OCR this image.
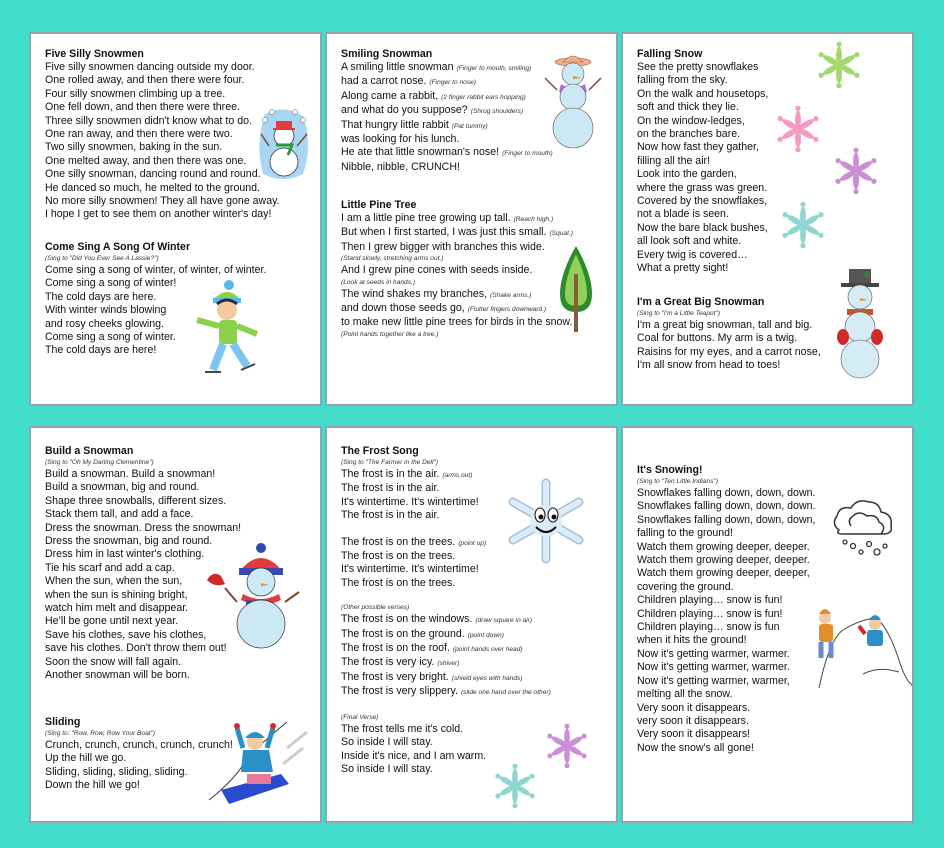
Five Silly Snowmen
Five silly snowmen dancing outside my door.
One rolled away, and then there were four.
Four silly snowmen climbing up a tree.
One fell down, and then there were three.
Three silly snowmen didn't know what to do.
One ran away, and then there were two.
Two silly snowmen, baking in the sun.
One melted away, and then there was one.
One silly snowman, dancing round and round.
He danced so much, he melted to the ground.
No more silly snowmen! They all have gone away.
I hope I get to see them on another winter's day!
Come Sing A Song Of Winter
(Sing to "Did You Ever See A Lassie?")
Come sing a song of winter, of winter, of winter.
Come sing a song of winter!
The cold days are here.
With winter winds blowing
and rosy cheeks glowing.
Come sing a song of winter.
The cold days are here!
Smiling Snowman
A smiling little snowman (Finger to mouth, smiling)
had a carrot nose. (Finger to nose)
Along came a rabbit, (2 finger rabbit ears hopping)
and what do you suppose? (Shrug shoulders)
That hungry little rabbit (Pat tummy)
was looking for his lunch.
He ate that little snowman's nose! (Finger to mouth)
Nibble, nibble, CRUNCH!
Little Pine Tree
I am a little pine tree growing up tall. (Reach high.)
But when I first started, I was just this small. (Squat.)
Then I grew bigger with branches this wide.
(Stand slowly, stretching arms out.)
And I grew pine cones with seeds inside.
(Look at seeds in hands.)
The wind shakes my branches, (Shake arms.)
and down those seeds go, (Flutter fingers downward.)
to make new little pine trees for birds in the snow.
(Point hands together like a tree.)
Falling Snow
See the pretty snowflakes
falling from the sky.
On the walk and housetops,
soft and thick they lie.
On the window-ledges,
on the branches bare.
Now how fast they gather,
filling all the air!
Look into the garden,
where the grass was green.
Covered by the snowflakes,
not a blade is seen.
Now the bare black bushes,
all look soft and white.
Every twig is covered…
What a pretty sight!
I'm a Great Big Snowman
(Sing to "I'm a Little Teapot")
I'm a great big snowman, tall and big.
Coal for buttons. My arm is a twig.
Raisins for my eyes, and a carrot nose,
I'm all snow from head to toes!
Build a Snowman
(Sing to "Oh My Darling Clementine")
Build a snowman. Build a snowman!
Build a snowman, big and round.
Shape three snowballs, different sizes.
Stack them tall, and add a face.
Dress the snowman. Dress the snowman!
Dress the snowman, big and round.
Dress him in last winter's clothing.
Tie his scarf and add a cap.
When the sun, when the sun,
when the sun is shining bright,
watch him melt and disappear.
He’ll be gone until next year.
Save his clothes, save his clothes,
save his clothes. Don't throw them out!
Soon the snow will fall again.
Another snowman will be born.
Sliding
(Sing to: "Row, Row, Row Your Boat")
Crunch, crunch, crunch, crunch, crunch!
Up the hill we go.
Sliding, sliding, sliding, sliding.
Down the hill we go!
The Frost Song
(Sing to "The Farmer in the Dell")
The frost is in the air. (arms out)
The frost is in the air.
It's wintertime. It's wintertime!
The frost is in the air.
The frost is on the trees. (point up)
The frost is on the trees.
It's wintertime. It's wintertime!
The frost is on the trees.
(Other possible verses)
The frost is on the windows. (draw square in air)
The frost is on the ground. (point down)
The frost is on the roof. (point hands over head)
The frost is very icy. (shiver)
The frost is very bright. (shield eyes with hands)
The frost is very slippery. (slide one hand over the other)
(Final Verse)
The frost tells me it's cold.
So inside I will stay.
Inside it's nice, and I am warm.
So inside I will stay.
It's Snowing!
(Sing to "Ten Little Indians")
Snowflakes falling down, down, down.
Snowflakes falling down, down, down.
Snowflakes falling down, down, down,
falling to the ground!
Watch them growing deeper, deeper.
Watch them growing deeper, deeper.
Watch them growing deeper, deeper,
covering the ground.
Children playing… snow is fun!
Children playing… snow is fun!
Children playing… snow is fun
when it hits the ground!
Now it's getting warmer, warmer.
Now it's getting warmer, warmer.
Now it's getting warmer, warmer,
melting all the snow.
Very soon it disappears.
very soon it disappears.
Very soon it disappears!
Now the snow's all gone!
